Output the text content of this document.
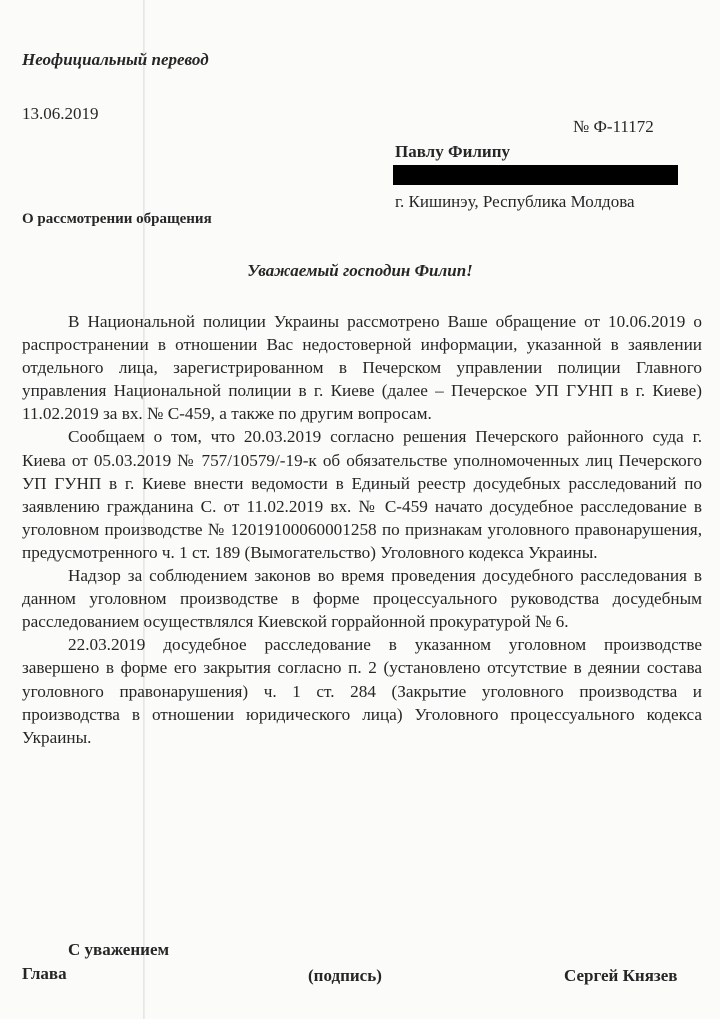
Неофициальный перевод
13.06.2019
№ Ф-11172
Павлу Филипу
г. Кишинэу, Республика Молдова
О рассмотрении обращения
Уважаемый господин Филип!

В Национальной полиции Украины рассмотрено Ваше обращение от 10.06.2019 о распространении в отношении Вас недостоверной информации, указанной в заявлении отдельного лица, зарегистрированном в Печерском управлении полиции Главного управления Национальной полиции в г. Киеве (далее – Печерское УП ГУНП в г. Киеве) 11.02.2019 за вх. № С-459, а также по другим вопросам.

Сообщаем о том, что 20.03.2019 согласно решения Печерского районного суда г. Киева от 05.03.2019 № 757/10579/-19-к об обязательстве уполномоченных лиц Печерского УП ГУНП в г. Киеве внести ведомости в Единый реестр досудебных расследований по заявлению гражданина С. от 11.02.2019 вх. № С-459 начато досудебное расследование в уголовном производстве № 12019100060001258 по признакам уголовного правонарушения, предусмотренного ч. 1 ст. 189 (Вымогательство) Уголовного кодекса Украины.

Надзор за соблюдением законов во время проведения досудебного расследования в данном уголовном производстве в форме процессуального руководства досудебным расследованием осуществлялся Киевской горрайонной прокуратурой № 6.

22.03.2019 досудебное расследование в указанном уголовном производстве завершено в форме его закрытия согласно п. 2 (установлено отсутствие в деянии состава уголовного правонарушения) ч. 1 ст. 284 (Закрытие уголовного производства и производства в отношении юридического лица) Уголовного процессуального кодекса Украины.

С уважением
Глава	(подпись)	Сергей Князев
